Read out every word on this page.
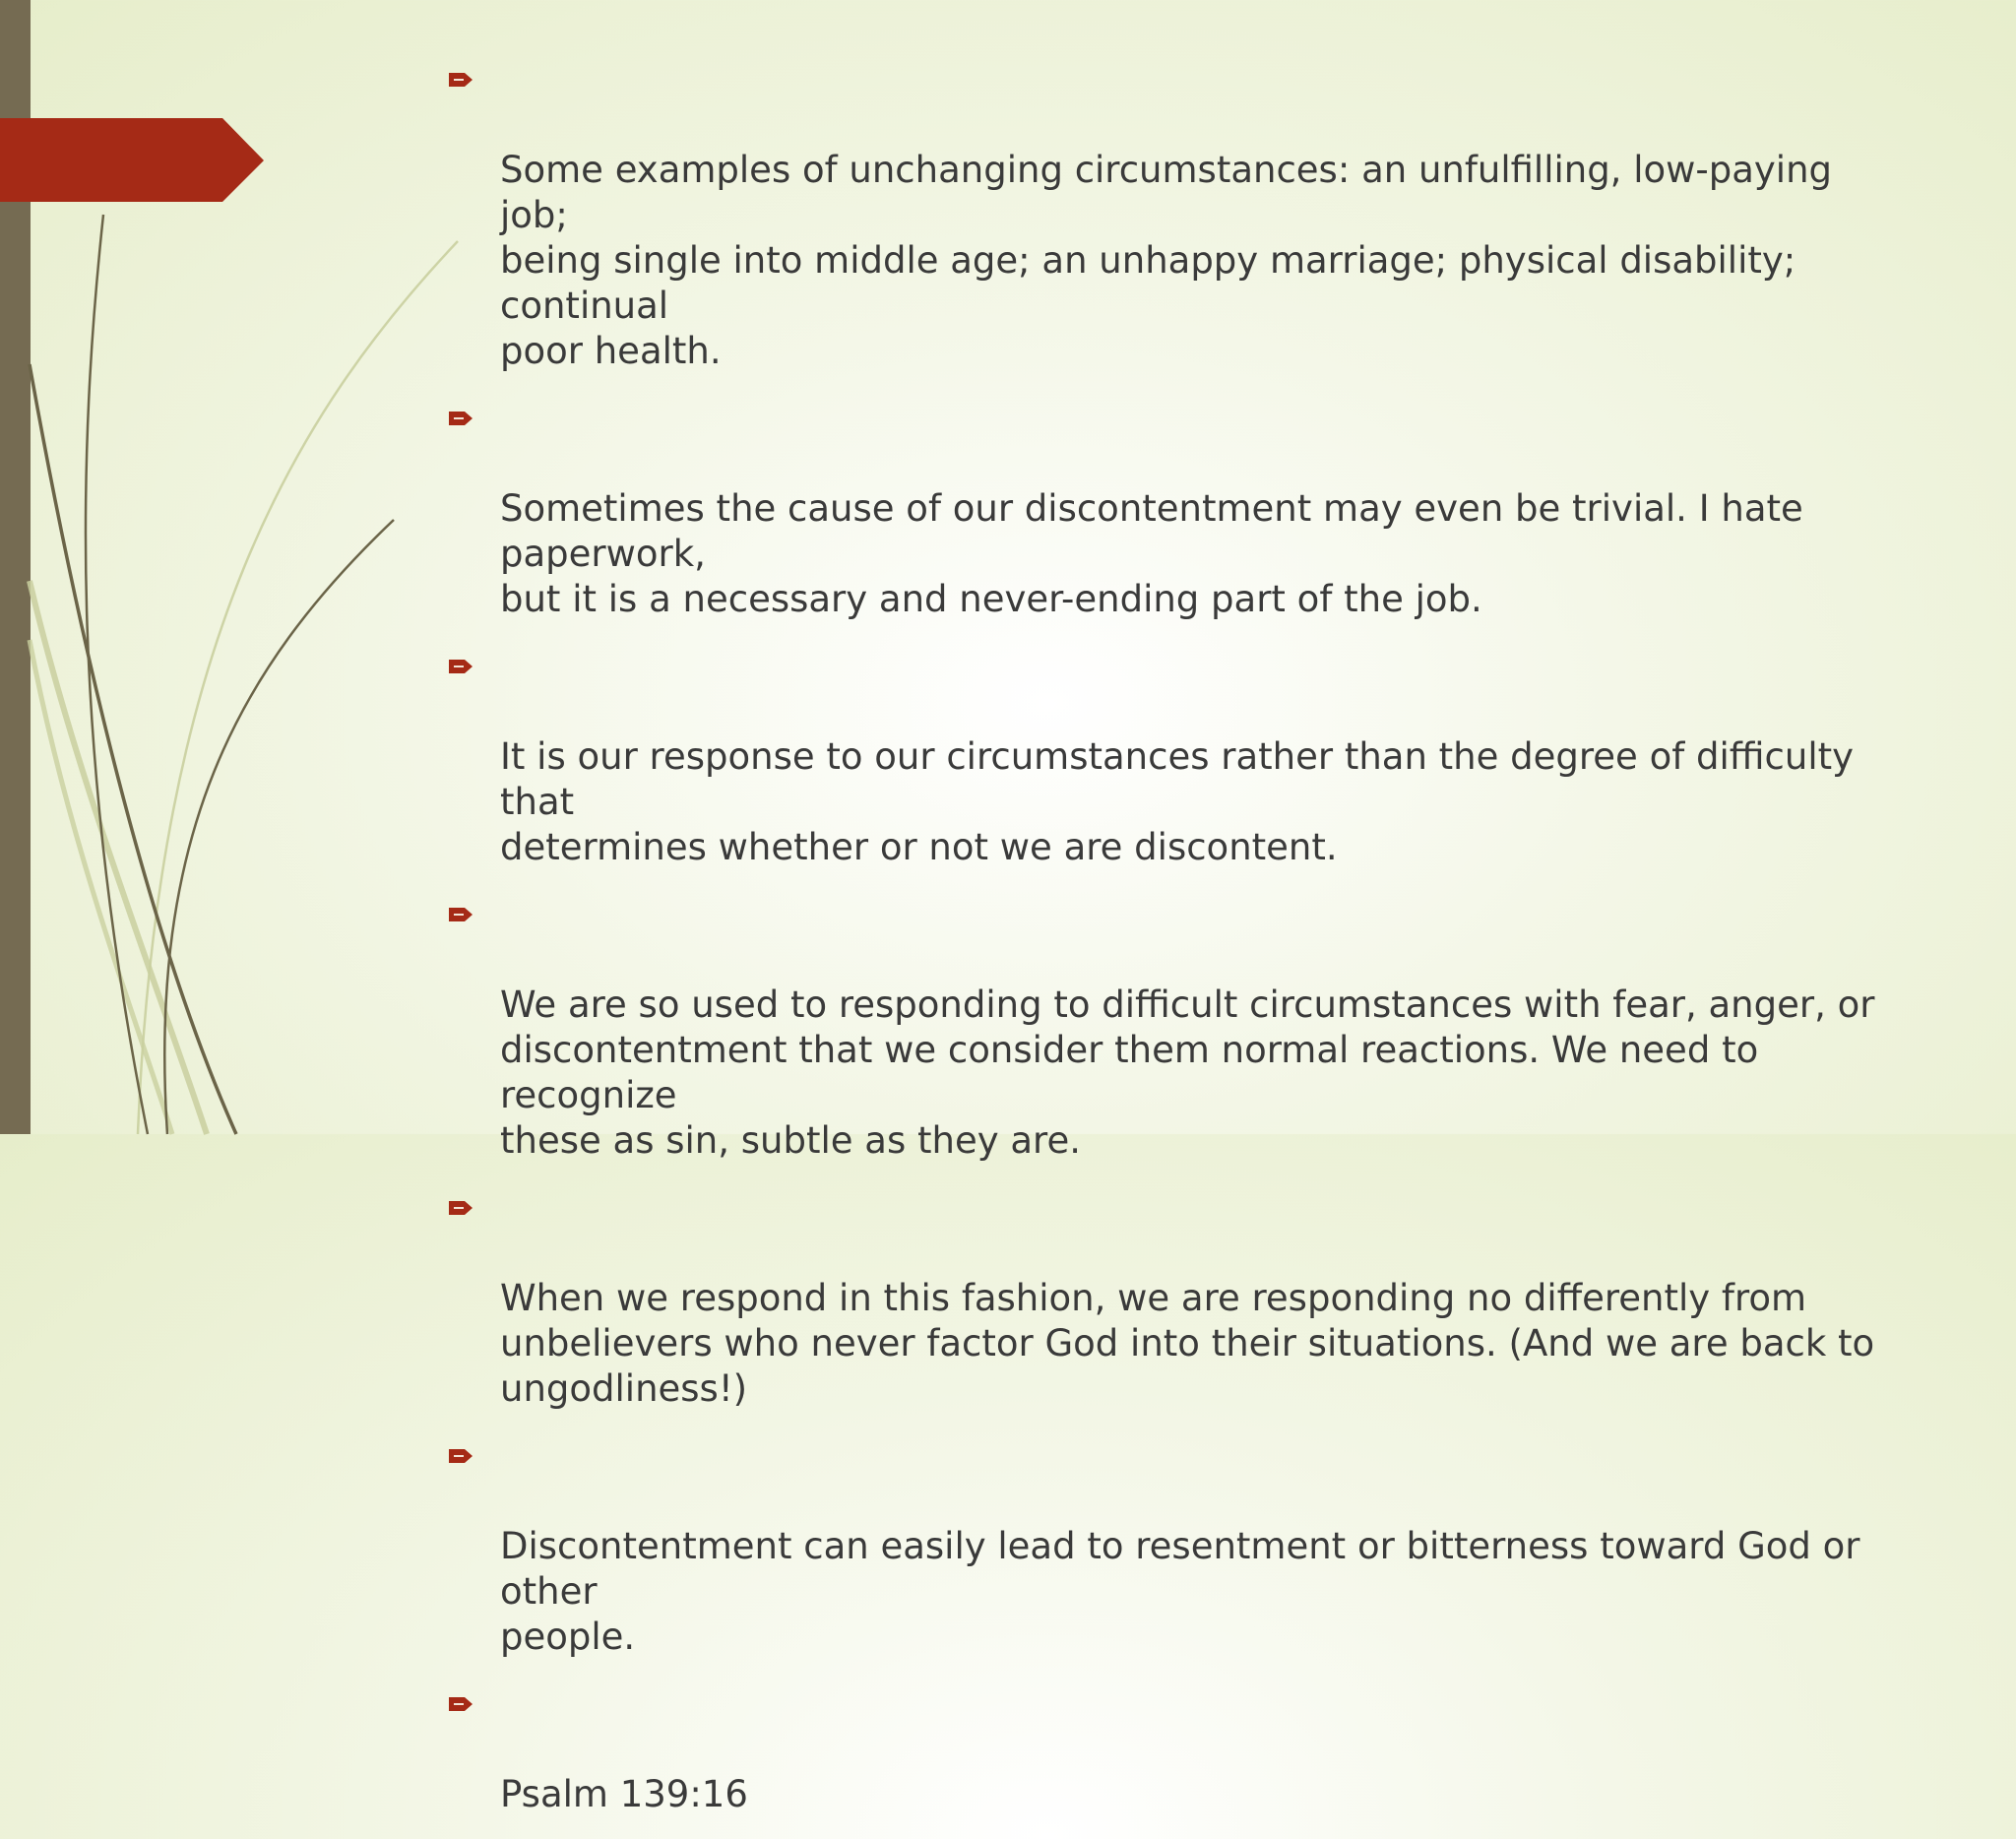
Some examples of unchanging circumstances: an unfulfilling, low-paying job;
being single into middle age; an unhappy marriage; physical disability; continual
poor health.

Sometimes the cause of our discontentment may even be trivial. I hate paperwork,
but it is a necessary and never-ending part of the job.

It is our response to our circumstances rather than the degree of difficulty that
determines whether or not we are discontent.

We are so used to responding to difficult circumstances with fear, anger, or
discontentment that we consider them normal reactions. We need to recognize
these as sin, subtle as they are.

When we respond in this fashion, we are responding no differently from
unbelievers who never factor God into their situations. (And we are back to
ungodliness!)

Discontentment can easily lead to resentment or bitterness toward God or other
people.

Psalm 139:16
